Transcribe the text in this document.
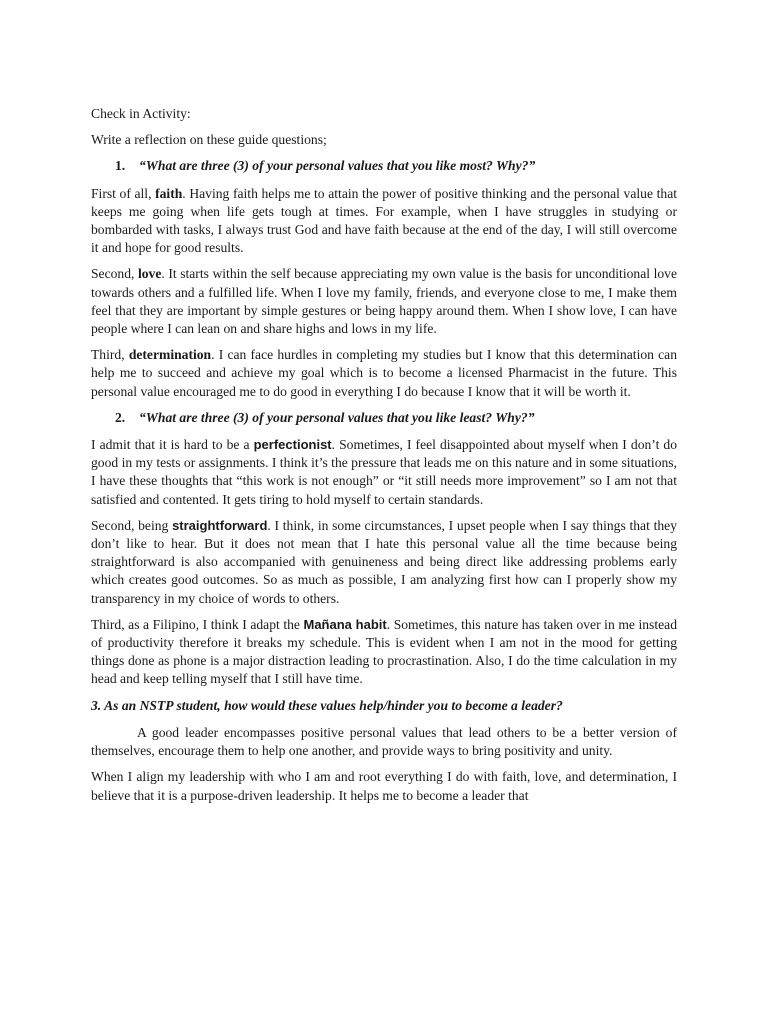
Check in Activity:
Write a reflection on these guide questions;
1. “What are three (3) of your personal values that you like most? Why?”

First of all, faith. Having faith helps me to attain the power of positive thinking and the personal value that keeps me going when life gets tough at times. For example, when I have struggles in studying or bombarded with tasks, I always trust God and have faith because at the end of the day, I will still overcome it and hope for good results.

Second, love. It starts within the self because appreciating my own value is the basis for unconditional love towards others and a fulfilled life. When I love my family, friends, and everyone close to me, I make them feel that they are important by simple gestures or being happy around them. When I show love, I can have people where I can lean on and share highs and lows in my life.

Third, determination. I can face hurdles in completing my studies but I know that this determination can help me to succeed and achieve my goal which is to become a licensed Pharmacist in the future. This personal value encouraged me to do good in everything I do because I know that it will be worth it.

2. “What are three (3) of your personal values that you like least? Why?”

I admit that it is hard to be a perfectionist. Sometimes, I feel disappointed about myself when I don’t do good in my tests or assignments. I think it’s the pressure that leads me on this nature and in some situations, I have these thoughts that “this work is not enough” or “it still needs more improvement” so I am not that satisfied and contented. It gets tiring to hold myself to certain standards.

Second, being straightforward. I think, in some circumstances, I upset people when I say things that they don’t like to hear. But it does not mean that I hate this personal value all the time because being straightforward is also accompanied with genuineness and being direct like addressing problems early which creates good outcomes. So as much as possible, I am analyzing first how can I properly show my transparency in my choice of words to others.

Third, as a Filipino, I think I adapt the Mañana habit. Sometimes, this nature has taken over in me instead of productivity therefore it breaks my schedule. This is evident when I am not in the mood for getting things done as phone is a major distraction leading to procrastination. Also, I do the time calculation in my head and keep telling myself that I still have time.

3. As an NSTP student, how would these values help/hinder you to become a leader?

A good leader encompasses positive personal values that lead others to be a better version of themselves, encourage them to help one another, and provide ways to bring positivity and unity.

When I align my leadership with who I am and root everything I do with faith, love, and determination, I believe that it is a purpose-driven leadership. It helps me to become a leader that
